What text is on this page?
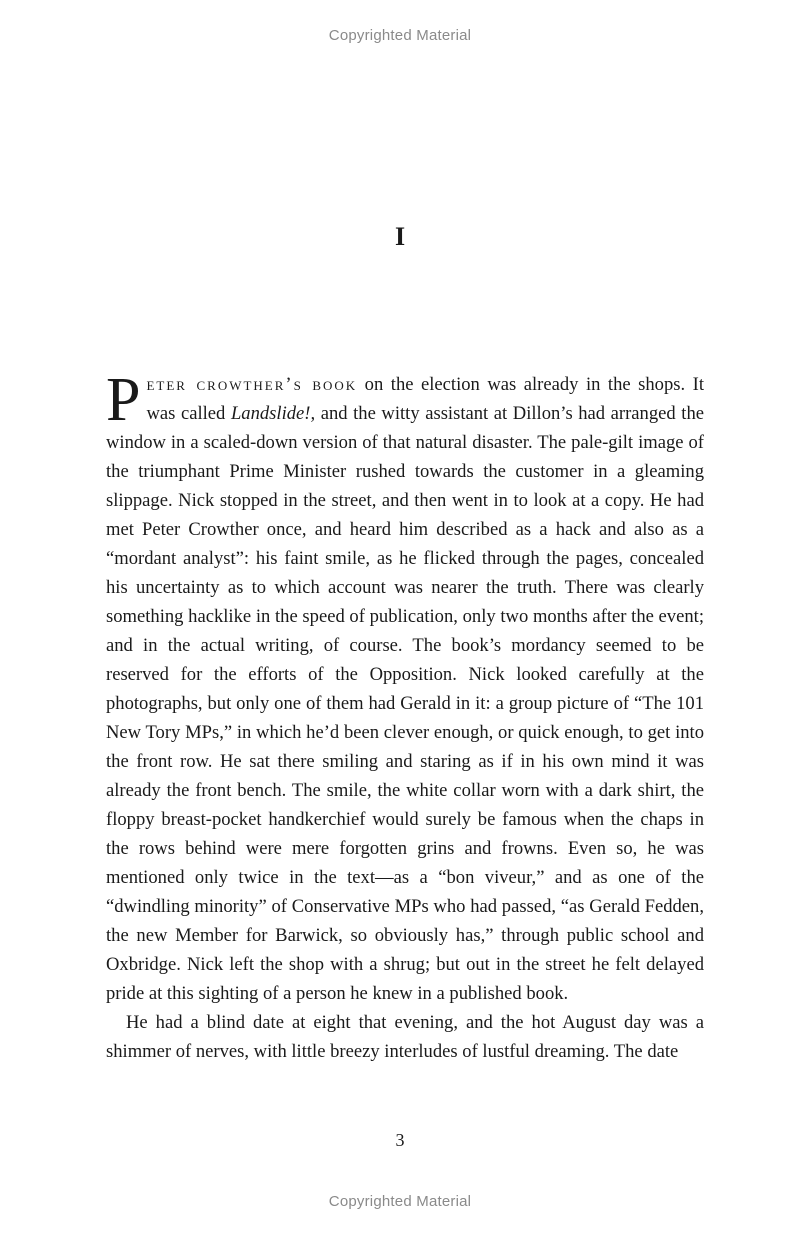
Copyrighted Material
I

Peter crowther’s book on the election was already in the shops. It was called Landslide!, and the witty assistant at Dillon’s had arranged the window in a scaled-down version of that natural disaster. The pale-gilt image of the triumphant Prime Minister rushed towards the customer in a gleaming slippage. Nick stopped in the street, and then went in to look at a copy. He had met Peter Crowther once, and heard him described as a hack and also as a “mordant analyst”: his faint smile, as he flicked through the pages, concealed his uncertainty as to which account was nearer the truth. There was clearly something hacklike in the speed of publication, only two months after the event; and in the actual writing, of course. The book’s mordancy seemed to be reserved for the efforts of the Opposition. Nick looked carefully at the photographs, but only one of them had Gerald in it: a group picture of “The 101 New Tory MPs,” in which he’d been clever enough, or quick enough, to get into the front row. He sat there smiling and staring as if in his own mind it was already the front bench. The smile, the white collar worn with a dark shirt, the floppy breast-pocket handkerchief would surely be famous when the chaps in the rows behind were mere forgotten grins and frowns. Even so, he was mentioned only twice in the text—as a “bon viveur,” and as one of the “dwindling minority” of Conservative MPs who had passed, “as Gerald Fedden, the new Member for Barwick, so obviously has,” through public school and Oxbridge. Nick left the shop with a shrug; but out in the street he felt delayed pride at this sighting of a person he knew in a published book.

He had a blind date at eight that evening, and the hot August day was a shimmer of nerves, with little breezy interludes of lustful dreaming. The date

3
Copyrighted Material
